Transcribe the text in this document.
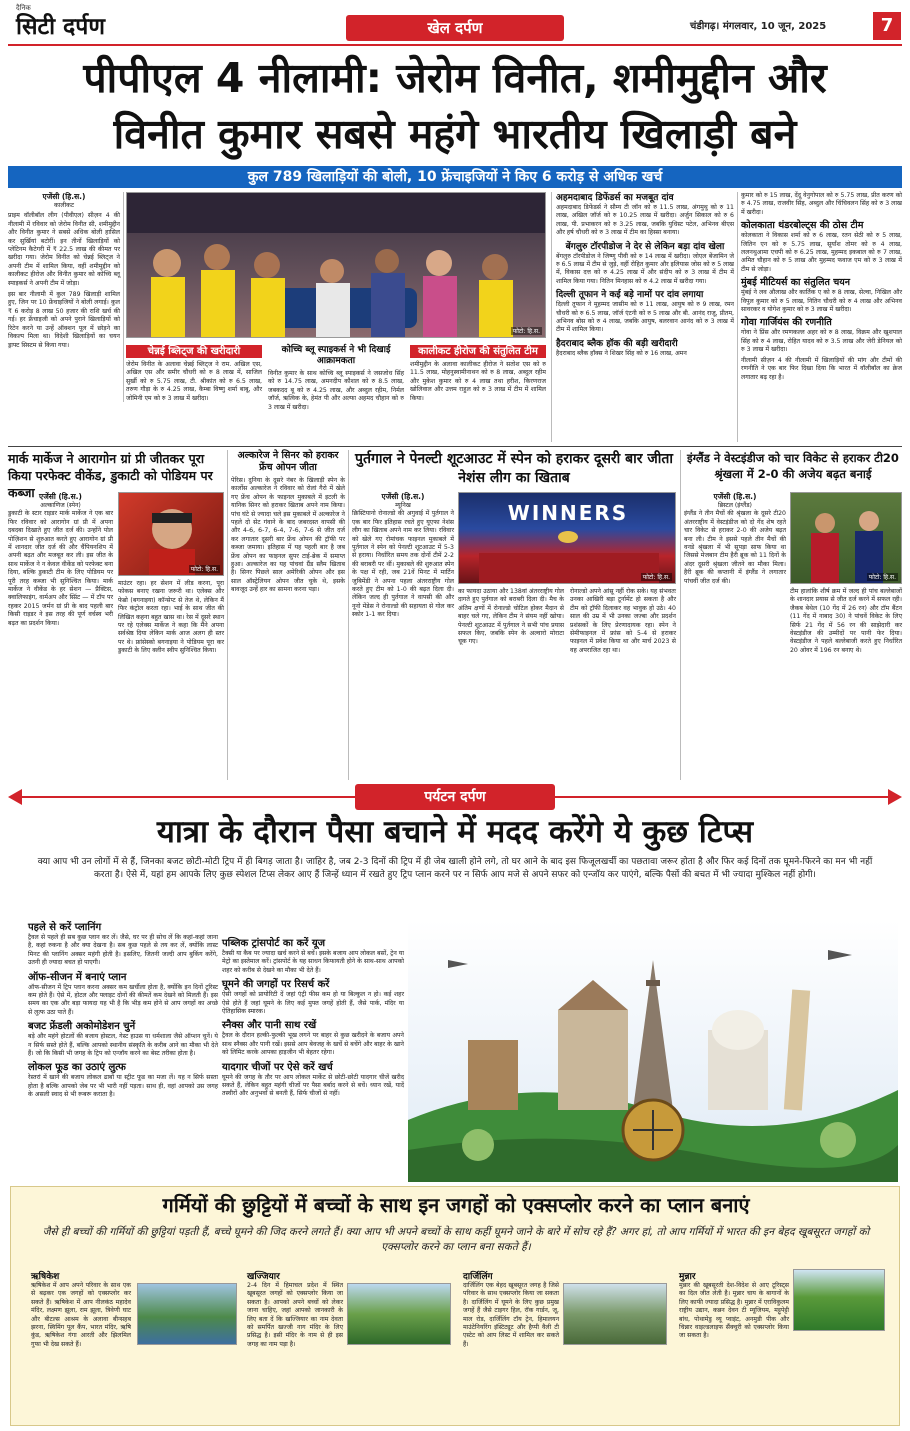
दैनिक
सिटी दर्पण	खेल दर्पण	चंडीगढ़। मंगलवार, 10 जून, 2025	7
पीपीएल 4 नीलामी: जेरोम विनीत, शमीमुद्दीन और
विनीत कुमार सबसे महंगे भारतीय खिलाड़ी बने
कुल 789 खिलाड़ियों की बोली, 10 फ्रेंचाइजियों ने किए 6 करोड़ से अधिक खर्च
एजेंसी (हि.स.)
कालीकट
प्राइम वॉलीबॉल लीग (पीवीएल) सीज़न 4 की नीलामी में रविवार को जेरोम विनीत सी, शमीमुद्दीन और विनीत कुमार ने सबसे अधिक बोली हासिल कर सुर्खियां बटोरीं। इन तीनों खिलाड़ियों को प्लेटिनम कैटेगरी में ₹ 22.5 लाख की कीमत पर खरीदा गया। जेरोम विनीत को चेन्नई ब्लिट्ज ने अपनी टीम में शामिल किया, वहीं शमीमुद्दीन को कालीकट हीरोज और विनीत कुमार को कोच्चि ब्लू स्पाइकर्स ने अपनी टीम में जोड़ा।
इस बार नीलामी में कुल 789 खिलाड़ी शामिल हुए, जिन पर 10 फ्रेंचाइजियों ने बोली लगाई। कुल ₹ 6 करोड़ 8 लाख 50 हजार की राशि खर्च की गई। हर फ्रेंचाइजी को अपने पुराने खिलाड़ियों को रिटेन करने या उन्हें ऑक्शन पूल में छोड़ने का विकल्प मिला था। विदेशी खिलाड़ियों का चयन ड्राफ्ट सिस्टम से किया गया।
फोटो: हि.स.
चेन्नई ब्लिट्ज की खरीदारी
जेरोम विनीत के अलावा चेन्नई ब्लिट्ज ने राम. अखिल एस, अखिल एस और समीर चौधरी को रु 8 लाख में, साजिल सुर्खी को रु 5.75 लाख, टी. श्रीकांत को रु 6.5 लाख, तरुण गौड़ा के रु 4.25 लाख, कैम्बा विष्णु शर्मा बाबू, और जोमिनी एम को रु 3 लाख में खरीदा।
कोच्चि ब्लू स्पाइकर्स ने भी दिखाई आक्रामकता
विनीत कुमार के साथ कोच्चि ब्लू स्पाइकर्स ने जसजोध सिंह को रु 14.75 लाख, अमनदीप कौशल को रु 8.5 लाख, जबकदद बू को रु 4.25 लाख, और अब्दुल रहीम, निर्मल जॉर्ज, ऋत्विक के, हेमंत पी और अल्फा अहमद चौहान को रु 3 लाख में खरीदा।
कालीकट हीरोज की संतुलित टीम
शमीमुद्दीन के अलावा कालीकट हीरोज ने सतोश एस को रु 11.5 लाख, मोहनुस्वामीनाथन को रु 8 लाख, अब्दुल रहीम और मुकेश कुमार को रु 4 लाख तथा हरीश, किरणराज खोलिवाल और उत्तम राहुल को रु 3 लाख में टीम में शामिल किया।
अहमदाबाद डिफेंडर्स का मजबूत दांव
अहमदाबाद डिफेंडर्स ने सौम्य टी जॉन को रु 11.5 लाख, अंगमुथु को रु 11 लाख, अखिल जॉर्ज को रु 10.25 लाख में खरीदा। अर्जुन सिकाल को रु 6 लाख, पी. प्रभाकरन को रु 3.25 लाख, जबकि युधिस्ट पटेल, अभिनव बीएस और हर्ष चौधरी को रु 3 लाख में टीम का हिस्सा बनाया।
बेंगलुरु टॉरपीडोज ने देर से लेकिन बड़ा दांव खेला
बेंगलुरु टॉरपीडोज ने जिष्णु पीवी को रु 14 लाख में खरीदा। जोएल बेंजामिन जे रु 6.5 लाख में टीम से जुड़े, वहीं रोहित कुमार और इलियास जोस को रु 5 लाख में, विकास दत्त को रु 4.25 लाख में और संदीप को रु 3 लाख में टीम में शामिल किया गया। नितिन मिनहास को रु 4.2 लाख में खरीदा गया।
दिल्ली तूफान ने कई बड़े नामों पर दांव लगाया
दिल्ली तूफान ने मुहम्मद जासीम को रु 11 लाख, आयुष को रु 9 लाख, रमन चौधरी को रु 6.5 लाख, जॉर्ज एंटनी को रु 5 लाख और बी. आनंद राजू, प्रीतम, अभिनव बोस को रु 4 लाख, जबकि आयुष, बलरवान आनंद को रु 3 लाख में टीम में शामिल किया।
हैदराबाद ब्लैक हॉक की बड़ी खरीदारी
हैदराबाद ब्लैक हॉक्स ने शिखर सिंह को रु 16 लाख, अमन
कुमार को रु 15 लाख, देंदू वेनुगोपाल को रु 5.75 लाख, प्रीत करण को रु 4.75 लाख, राजवीर सिंह, अब्दुल और चिंचिवलन सिंह को रु 3 लाख में खरीदा।
कोलकाता थंडरबोल्ट्स की ठोस टीम
कोलकाता ने विकास शर्मा को रु 6 लाख, रतन सेठी को रु 5 लाख, जितिन एन को रु 5.75 लाख, सूर्यांश तोमर को रु 4 लाख, ललनथुआमा एचपी को रु 6.25 लाख, मुहम्मद इकबाल को रु 7 लाख, अमित चौहान को रु 5 लाख और मुहम्मद फवाज एम को रु 3 लाख में टीम से जोड़ा।
मुंबई मीटियर्स का संतुलित चयन
मुंबई ने लव औलाख और कार्तिक ए को रु 8 लाख, सेल्वा, निखिल और विपुल कुमार को रु 5 लाख, नितिन चौधरी को रु 4 लाख और अभिनव सावरकर व योगेश कुमार को रु 3 लाख में खरीदा।
गोवा गार्जियंस की रणनीति
गोवा ने प्रिंस और रमणकल्ल अहर को रु 8 लाख, विक्रम और खुशपाल सिंह को रु 4 लाख, रोहित यादव को रु 3.5 लाख और जेरी डेनियल को रु 3 लाख में खरीदा।
नीलामी सीज़न 4 की नीलामी में खिलाड़ियों की मांग और टीमों की रणनीति ने एक बार फिर दिखा दिया कि भारत में वॉलीबॉल का क्रेज लगातार बढ़ रहा है।
मार्क मार्केज ने आरागोन ग्रां प्री जीतकर पूरा किया परफेक्ट वीकेंड, डुकाटी को पोडियम पर कब्जा एजेंसी (हि.स.)
अल्काणिज (स्पेन)
डुकाटी के स्टार राइडर मार्क मार्केज ने एक बार फिर रविवार को आरागोन ग्रां प्री में अपना दबदबा दिखाते हुए जीत दर्ज की। उन्होंने पोल पोज़िशन से शुरुआत करते हुए आरागोन ग्रां प्री में शानदार जीत दर्ज की और चैंपियनशिप में अपनी बढ़त और मजबूत कर ली। इस जीत के साथ मार्केज ने न केवल वीकेंड को परफेक्ट बना दिया, बल्कि डुकाटी टीम के लिए पोडियम पर पूरी तरह कब्जा भी सुनिश्चित किया। मार्क मार्केज ने वीकेंड के हर सेशन — प्रैक्टिस, क्वालिफाइंग, वार्मअप और स्प्रिंट — में टॉप पर रहकर 2015 जर्मन ग्रां प्री के बाद पहली बार किसी राइडर ने इस तरह की पूर्ण वर्चस्व भरी बढ़त का प्रदर्शन किया।
फोटो: हि.स.
माउंटर रहा। हर सेशन में लीड करना, पूरा फोकस बनाए रखना जरूरी था। एलेक्स और फेब्रो (बगनाइया) कॉन्सेप्ट से तेज थे, लेकिन मैं फिर कंट्रोल करता रहा। भाई के साथ जीत की लिखित कहना बहुत खास था। रेस में दूसरे स्थान पर रहे एलेक्स मार्केज ने कहा कि मैंने अपना सर्वश्रेष्ठ दिया लेकिन मार्क आज अलग ही स्तर पर थे। फ्रांसेस्को बगनाइया ने पोडियम पूरा कर डुकाटी के लिए क्लीन स्वीप सुनिश्चित किया।
अल्कारेज ने सिनर को हराकर फ्रेंच ओपन जीता
पेरिस। दुनिया के दूसरे नंबर के खिलाड़ी स्पेन के कार्लोस अल्कारेज ने रविवार को रोलां गैरो में खेले गए फ्रेंच ओपन के फाइनल मुकाबले में इटली के यानिक सिनर को हराकर खिताब अपने नाम किया। पांच घंटे से ज्यादा चले इस मुकाबले में अल्कारेज ने पहले दो सेट गंवाने के बाद जबरदस्त वापसी की और 4-6, 6-7, 6-4, 7-6, 7-6 से जीत दर्ज कर लगातार दूसरी बार फ्रेंच ओपन की ट्रॉफी पर कब्जा जमाया। इतिहास में यह पहली बार है जब फ्रेंच ओपन का फाइनल सुपर टाई-ब्रेक में समाप्त हुआ। अल्कारेज का यह पांचवां ग्रैंड स्लैम खिताब है। सिनर पिछले साल अमेरिकी ओपन और इस साल ऑस्ट्रेलियन ओपन जीत चुके थे, इसके बावजूद उन्हें हार का सामना करना पड़ा।
पुर्तगाल ने पेनल्टी शूटआउट में स्पेन को हराकर दूसरी बार जीता नेशंस लीग का खिताब
एजेंसी (हि.स.)
म्यूनिख
क्रिस्टियानो रोनाल्डो की अगुवाई में पुर्तगाल ने एक बार फिर इतिहास रचते हुए यूएफा नेशंस लीग का खिताब अपने नाम कर लिया। रविवार को खेले गए रोमांचक फाइनल मुकाबले में पुर्तगाल ने स्पेन को पेनल्टी शूटआउट में 5-3 से हराया। निर्धारित समय तक दोनों टीमें 2-2 की बराबरी पर थीं। मुकाबले की शुरुआत स्पेन के पक्ष में रही, जब 21वें मिनट में मार्टिन जुबिमेंडी ने अपना पहला अंतरराष्ट्रीय गोल करते हुए टीम को 1-0 की बढ़त दिला दी। लेकिन जल्द ही पुर्तगाल ने वापसी की और नूनो मेंडेस ने रोनाल्डो की सहायता से गोल कर स्कोर 1-1 कर दिया।
WINNERS
फोटो: हि.स.
का फायदा उठाया और 138वां अंतरराष्ट्रीय गोल दागते हुए पुर्तगाल को बराबरी दिला दी। मैच के अंतिम क्षणों में रोनाल्डो चोटिल होकर मैदान से बाहर चले गए, लेकिन टीम ने संयम नहीं खोया। पेनल्टी शूटआउट में पुर्तगाल ने सभी पांच प्रयास सफल किए, जबकि स्पेन के अल्वारो मोराटा चूक गए।
रोनाल्डो अपने आंसू नहीं रोक सके। यह संभवतः उनका आखिरी बड़ा टूर्नामेंट हो सकता है और टीम को ट्रॉफी दिलाकर वह भावुक हो उठे। 40 साल की उम्र में भी उनका जज्बा और प्रदर्शन प्रशंसकों के लिए प्रेरणादायक रहा। स्पेन ने सेमीफाइनल में फ्रांस को 5-4 से हराकर फाइनल में प्रवेश किया था और मार्च 2023 से वह अपराजित रहा था।
इंग्लैंड ने वेस्टइंडीज को चार विकेट से हराकर टी20 श्रृंखला में 2-0 की अजेय बढ़त बनाई
एजेंसी (हि.स.)
ब्रिस्टल (इंग्लैंड)
इंग्लैंड ने तीन मैचों की श्रृंखला के दूसरे टी20 अंतरराष्ट्रीय में वेस्टइंडीज को दो गेंद शेष रहते चार विकेट से हराकर 2-0 की अजेय बढ़त बना ली। टीम ने इससे पहले तीन मैचों की वनडे श्रृंखला में भी सूपड़ा साफ किया था जिससे मेजबान टीम हैरी ब्रूक को 11 दिनों के अंदर दूसरी श्रृंखला जीतने का मौका मिला। हैरी ब्रूक की कप्तानी में इंग्लैंड ने लगातार पांचवीं जीत दर्ज की।
फोटो: हि.स.
टीम हालांकि शीर्ष क्रम में जल्द ही पांच बल्लेबाजों के शानदार प्रयास से जीत दर्ज करने में सफल रही। जैकब बेथेल (10 गेंद में 26 रन) और टॉम बैंटन (11 गेंद में नाबाद 30) ने पांचवें विकेट के लिए सिर्फ 21 गेंद में 56 रन की साझेदारी कर वेस्टइंडीज की उम्मीदों पर पानी फेर दिया। वेस्टइंडीज ने पहले बल्लेबाजी करते हुए निर्धारित 20 ओवर में 196 रन बनाए थे।
पर्यटन दर्पण
यात्रा के दौरान पैसा बचाने में मदद करेंगे ये कुछ टिप्स
क्या आप भी उन लोगों में से हैं, जिनका बजट छोटी-मोटी ट्रिप में ही बिगड़ जाता है। जाहिर है, जब 2-3 दिनों की ट्रिप में ही जेब खाली होने लगे, तो घर आने के बाद इस फिजूलखर्ची का पछतावा जरूर होता है और फिर कई दिनों तक घूमने-फिरने का मन भी नहीं करता है। ऐसे में, यहां हम आपके लिए कुछ स्पेशल टिप्स लेकर आए हैं जिन्हें ध्यान में रखते हुए ट्रिप प्लान करने पर न सिर्फ आप मजे से अपने सफर को एन्जॉय कर पाएंगे, बल्कि पैसों की बचत में भी ज्यादा मुश्किल नहीं होगी।
पहले से करें प्लानिंग
ट्रैवल से पहले ही सब कुछ प्लान कर लें। जैसे, घर पर ही सोच लें कि कहां-कहां जाना है, कहां रुकना है और क्या देखना है। सब कुछ पहले से तय कर लें, क्योंकि लास्ट मिनट की प्लानिंग अक्सर महंगी होती है। इसलिए, जितनी जल्दी आप बुकिंग करेंगे, उतनी ही ज्यादा बचत हो पाएगी।
ऑफ-सीजन में बनाएं प्लान
ऑफ-सीजन में ट्रिप प्लान करना अक्सर कम खर्चीला होता है, क्योंकि इन दिनों टूरिस्ट कम होते हैं। ऐसे में, होटल और फ्लाइट दोनों की कीमतें कम देखने को मिलती हैं। इस समय का एक और बड़ा फायदा यह भी है कि भीड़ कम होने से आप जगहों का अच्छे से लुत्फ उठा पाते हैं।
बजट फ्रेंडली अकोमोडेशन चुनें
बड़े और महंगे होटलों की बजाय होस्टल, गेस्ट हाउस या धर्मशाला जैसे ऑप्शन चुनें। ये न सिर्फ सस्ते होते हैं, बल्कि आपको स्थानीय संस्कृति के करीब आने का मौका भी देते हैं। जो कि किसी भी जगह के ट्रिप को एन्जॉय करने का बेस्ट तरीका होता है।
लोकल फूड का उठाएं लुत्फ
रेस्तरां में खाने की बजाय लोकल ढाबों या स्ट्रीट फूड का मजा लें। यह न सिर्फ सस्ता होता है बल्कि आपको जेब पर भी भारी नहीं पड़ता। साथ ही, वहां आपको उस जगह के असली स्वाद से भी रूबरू कराता है।
पब्लिक ट्रांसपोर्ट का करें यूज
टैक्सी या कैब पर ज्यादा खर्च करने से बचें। इसके बजाय आप लोकल बसों, ट्रेन या मेट्रो का इस्तेमाल करें। ट्रांसपोर्ट के यह साधन किफायती होने के साथ-साथ आपको शहर को करीब से देखने का मौका भी देते हैं।
घूमने की जगहों पर रिसर्च करें
ऐसी जगहों को प्रायोरिटी दें जहां एंट्री फीस कम हो या बिल्कुल न हो। कई शहर ऐसे होते हैं जहां घूमने के लिए कई मुफ्त जगहें होती हैं, जैसे पार्क, मंदिर या ऐतिहासिक स्मारक।
स्नैक्स और पानी साथ रखें
ट्रैवल के दौरान हल्की-फुल्की भूख लगने पर बाहर से कुछ खरीदने के बजाय अपने साथ स्नैक्स और पानी रखें। इससे आप बेवजह के खर्चे से बचेंगे और बाहर के खाने को लिमिट करके आपका हाइजीन भी बेहतर रहेगा।
यादगार चीजों पर ऐसे करें खर्च
घूमने की जगह के तौर पर आप लोकल मार्केट से छोटी-छोटी यादगार चीजें खरीद सकते हैं, लेकिन बहुत महंगी चीजों पर पैसा बर्बाद करने से बचें। ध्यान रखें, यादें तस्वीरों और अनुभवों से बनती हैं, सिर्फ चीजों से नहीं।
गर्मियों की छुट्टियों में बच्चों के साथ इन जगहों को एक्सप्लोर करने का प्लान बनाएं
जैसे ही बच्चों की गर्मियों की छुट्टियां पड़ती हैं, बच्चे घूमने की जिद करने लगते हैं। क्या आप भी अपने बच्चों के साथ कहीं घूमने जाने के बारे में सोच रहे हैं? अगर हां, तो आप गर्मियों में भारत की इन बेहद खूबसूरत जगहों को एक्सप्लोर करने का प्लान बना सकते हैं।
ऋषिकेश
ऋषिकेश में आप अपने परिवार के साथ एक से बढ़कर एक जगहों को एक्सप्लोर कर सकते हैं। ऋषिकेश में आप नीलकंठ महादेव मंदिर, लक्ष्मण झूला, राम झूला, त्रिवेणी घाट और बीटल्स आश्रम के अलावा बीन्सहब झरना, स्विमिंग पूल कैंप, भारत मंदिर, ऋषि कुंड, ऋषिकेश गंगा आरती और झिलमिल गुफा भी देख सकते हैं।
खज्जियार
2-4 दिन में हिमाचल प्रदेश में स्थित खूबसूरत जगहों को एक्सप्लोर किया जा सकता है। आपको अपने बच्चों को लेकर जाना चाहिए, जहां आपको जानकारी के लिए बता दें कि खज्जियार का नाम देवता को समर्पित खज्जी नाग मंदिर के लिए प्रसिद्ध है। इसी मंदिर के नाम से ही इस जगह का नाम पड़ा है।
दार्जिलिंग
दार्जिलिंग एक बेहद खूबसूरत जगह है जिसे परिवार के साथ एक्सप्लोर किया जा सकता है। दार्जिलिंग में घूमने के लिए कुछ प्रमुख जगहें हैं जैसे टाइगर हिल, रॉक गार्डन, जू, माल रोड, दार्जिलिंग टॉय ट्रेन, हिमालयन माउंटेनियरिंग इंस्टिट्यूट और हैप्पी वैली टी एस्टेट को आप लिस्ट में शामिल कर सकते हैं।
मुन्नार
मुन्नार की खूबसूरती देश-विदेश से आए टूरिस्ट्स का दिल जीत लेती है। मुन्नार चाय के बागानों के लिए काफी ज्यादा प्रसिद्ध है। मुन्नार में एराविकुलम राष्ट्रीय उद्यान, कन्नन देवन टी म्यूजियम, मट्टुपेट्टी बांध, पोथामेडु व्यू प्वाइंट, अनमुडी पीक और चिन्नार वाइल्डलाइफ सैंक्चुरी को एक्सप्लोर किया जा सकता है।
